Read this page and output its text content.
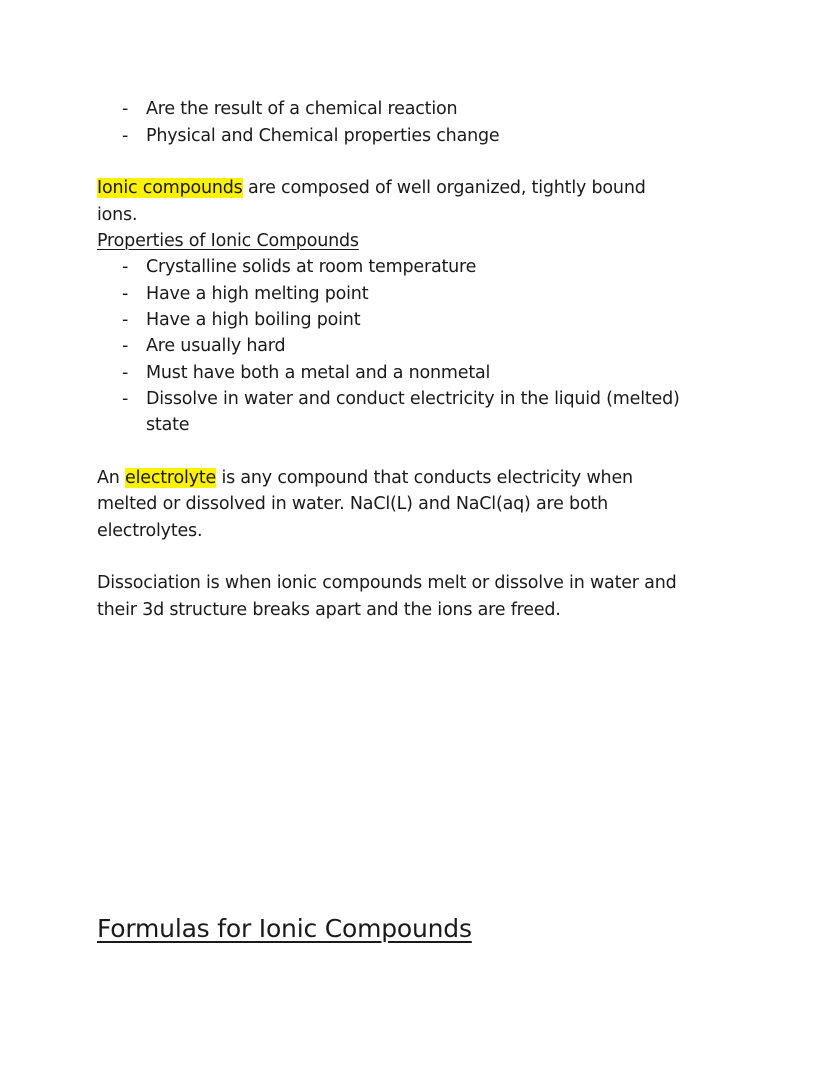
- Are the result of a chemical reaction
- Physical and Chemical properties change
Ionic compounds are composed of well organized, tightly bound
ions.
Properties of Ionic Compounds
- Crystalline solids at room temperature
- Have a high melting point
- Have a high boiling point
- Are usually hard
- Must have both a metal and a nonmetal
- Dissolve in water and conduct electricity in the liquid (melted)
state
An electrolyte is any compound that conducts electricity when
melted or dissolved in water. NaCl(L) and NaCl(aq) are both
electrolytes.
Dissociation is when ionic compounds melt or dissolve in water and
their 3d structure breaks apart and the ions are freed.
Formulas for Ionic Compounds
